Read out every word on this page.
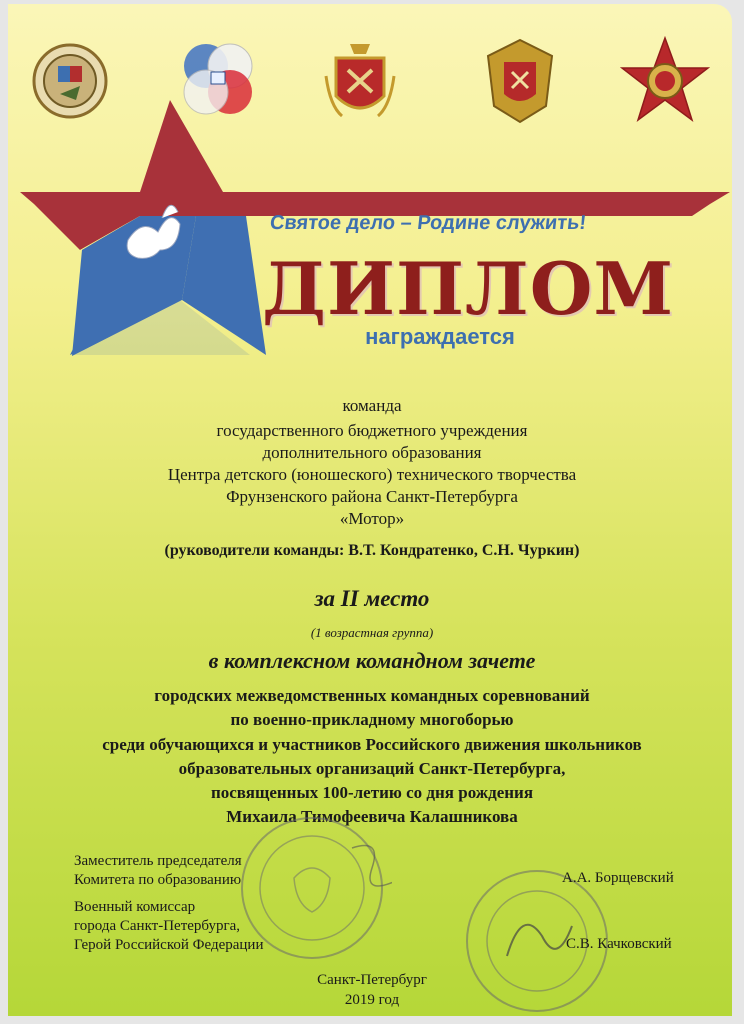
Святое дело – Родине служить!
ДИПЛОМ
награждается
команда
государственного бюджетного учреждения
дополнительного образования
Центра детского (юношеского) технического творчества
Фрунзенского района Санкт-Петербурга
«Мотор»
(руководители команды: В.Т. Кондратенко, С.Н. Чуркин)
за II место
(1 возрастная группа)
в комплексном командном зачете
городских межведомственных командных соревнований
по военно-прикладному многоборью
среди обучающихся и участников Российского движения школьников
образовательных организаций Санкт-Петербурга,
посвященных 100-летию со дня рождения
Михаила Тимофеевича Калашникова
Заместитель председателя
Комитета по образованию	А.А. Борщевский
Военный комиссар
города Санкт-Петербурга,
Герой Российской Федерации	С.В. Качковский
Санкт-Петербург
2019 год
